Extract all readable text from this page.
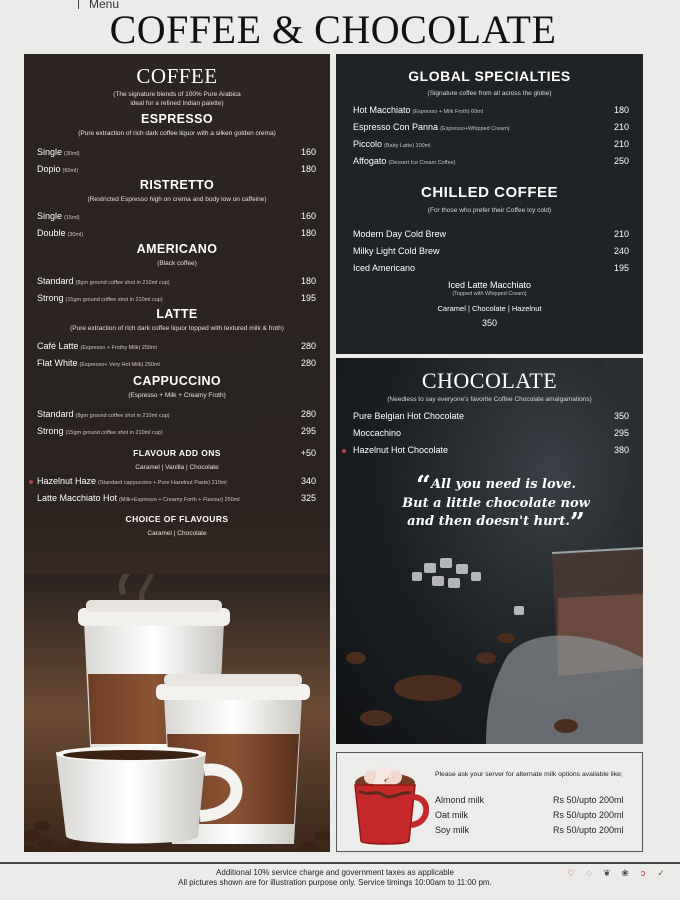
Menu
COFFEE & CHOCOLATE
COFFEE
(The signature blends of 100% Pure Arabica
ideal for a refined Indian palette)
ESPRESSO
(Pure extraction of rich dark coffee liquor with a silken golden crema)
Single (30ml)	160
Dopio (60ml)	180
RISTRETTO
(Restricted Espresso high on crema and body low on caffeine)
Single (15ml)	160
Double (30ml)	180
AMERICANO
(Black coffee)
Standard (8gm ground coffee shot in 210ml cup)	180
Strong (15gm ground coffee shot in 210ml cup)	195
LATTE
(Pure extraction of rich dark coffee liquor topped with textured milk & froth)
Café Latte (Espresso + Frothy Milk) 250ml	280
Flat White (Espresso+ Very Hot Milk) 250ml	280
CAPPUCCINO
(Espresso + Milk + Creamy Froth)
Standard (8gm ground coffee shot in 210ml cup)	280
Strong (15gm ground coffee shot in 210ml cup)	295
FLAVOUR ADD ONS	+50
Caramel | Vanilla | Chocolate
Hazelnut Haze (Standard cappuccino + Pure Hazelnut Paste) 210ml	340
Latte Macchiato Hot (Milk+Espresso + Creamy Forth + Flavour) 250ml	325
CHOICE OF FLAVOURS
Caramel | Chocolate
GLOBAL SPECIALTIES
(Signature coffee from all across the globe)
Hot Macchiato (Espresso + Milk Froth) 60ml	180
Espresso Con Panna (Espresso+Whipped Cream)	210
Piccolo (Baby Latte) 100ml	210
Affogato (Dessert Ice Cream Coffee)	250
CHILLED COFFEE
(For those who prefer their Coffee Icy cold)
Modern Day Cold Brew	210
Milky Light Cold Brew	240
Iced Americano	195
Iced Latte Macchiato
(Topped with Whipped Cream)
Caramel | Chocolate | Hazelnut
350
CHOCOLATE
(Needless to say everyone's favorite Coffee Chocolate amalgamations)
Pure Belgian Hot Chocolate	350
Moccachino	295
Hazelnut Hot Chocolate	380
“All you need is love.
But a little chocolate now
and then doesn't hurt.”
Please ask your server for alternate milk options available like;
Almond milk	Rs 50/upto 200ml
Oat milk	Rs 50/upto 200ml
Soy milk	Rs 50/upto 200ml
Additional 10% service charge and government taxes as applicable
All pictures shown are for illustration purpose only. Service timings 10:00am to 11:00 pm.
♡	◌	❦	❀	ↄ	✓
